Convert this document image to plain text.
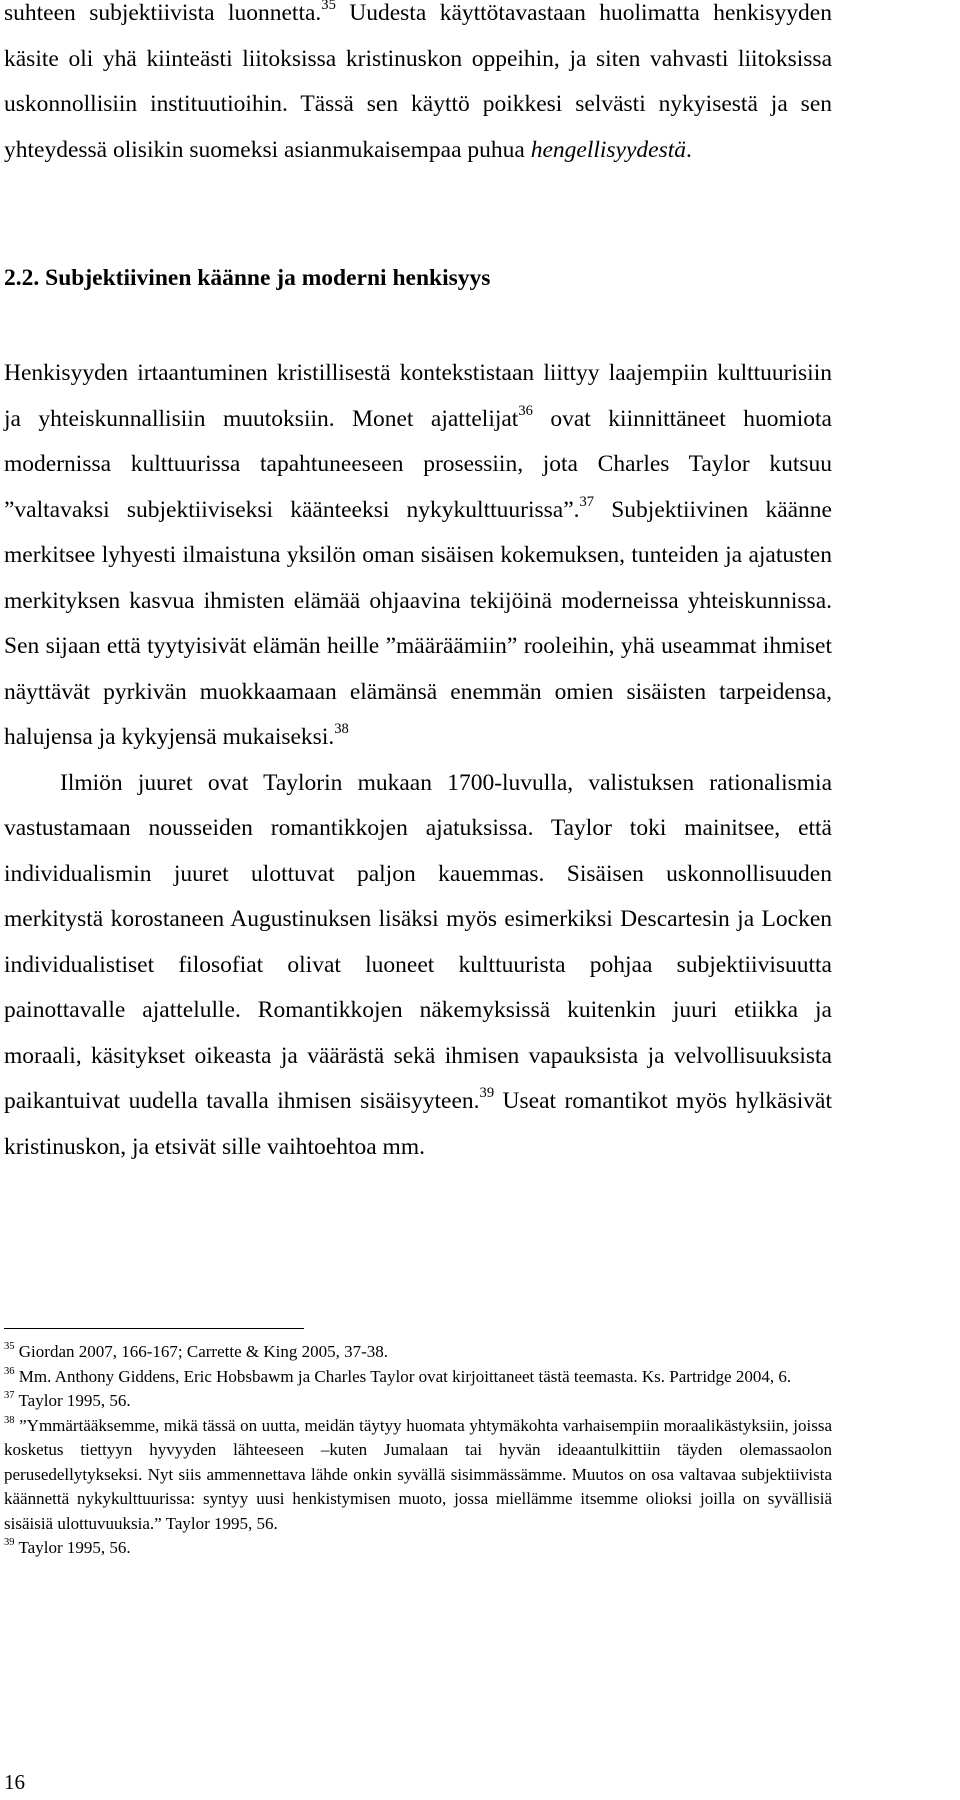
suhteen subjektiivista luonnetta.$^{35}$ Uudesta käyttötavastaan huolimatta henkisyyden käsite oli yhä kiinteästi liitoksissa kristinuskon oppeihin, ja siten vahvasti liitoksissa uskonnollisiin instituutioihin. Tässä sen käyttö poikkesi selvästi nykyisestä ja sen yhteydessä olisikin suomeksi asianmukaisempaa puhua hengellisyydestä.

2.2. Subjektiivinen käänne ja moderni henkisyys

Henkisyyden irtaantuminen kristillisestä kontekstistaan liittyy laajempiin kulttuurisiin ja yhteiskunnallisiin muutoksiin. Monet ajattelijat$^{36}$ ovat kiinnittäneet huomiota modernissa kulttuurissa tapahtuneeseen prosessiin, jota Charles Taylor kutsuu ”valtavaksi subjektiiviseksi käänteeksi nykykulttuurissa”.$^{37}$ Subjektiivinen käänne merkitsee lyhyesti ilmaistuna yksilön oman sisäisen kokemuksen, tunteiden ja ajatusten merkityksen kasvua ihmisten elämää ohjaavina tekijöinä moderneissa yhteiskunnissa. Sen sijaan että tyytyisivät elämän heille ”määräämiin” rooleihin, yhä useammat ihmiset näyttävät pyrkivän muokkaamaan elämänsä enemmän omien sisäisten tarpeidensa, halujensa ja kykyjensä mukaiseksi.$^{38}$

Ilmiön juuret ovat Taylorin mukaan 1700-luvulla, valistuksen rationalismia vastustamaan nousseiden romantikkojen ajatuksissa. Taylor toki mainitsee, että individualismin juuret ulottuvat paljon kauemmas. Sisäisen uskonnollisuuden merkitystä korostaneen Augustinuksen lisäksi myös esimerkiksi Descartesin ja Locken individualistiset filosofiat olivat luoneet kulttuurista pohjaa subjektiivisuutta painottavalle ajattelulle. Romantikkojen näkemyksissä kuitenkin juuri etiikka ja moraali, käsitykset oikeasta ja väärästä sekä ihmisen vapauksista ja velvollisuuksista paikantuivat uudella tavalla ihmisen sisäisyyteen.$^{39}$ Useat romantikot myös hylkäsivät kristinuskon, ja etsivät sille vaihtoehtoa mm.

$^{35}$ Giordan 2007, 166-167; Carrette & King 2005, 37-38.

$^{36}$ Mm. Anthony Giddens, Eric Hobsbawm ja Charles Taylor ovat kirjoittaneet tästä teemasta. Ks. Partridge 2004, 6.

$^{37}$ Taylor 1995, 56.

$^{38}$ ”Ymmärtääksemme, mikä tässä on uutta, meidän täytyy huomata yhtymäkohta varhaisempiin moraalikästyksiin, joissa kosketus tiettyyn hyvyyden lähteeseen –kuten Jumalaan tai hyvän ideaantulkittiin täyden olemassaolon perusedellytykseksi. Nyt siis ammennettava lähde onkin syvällä sisimmässämme. Muutos on osa valtavaa subjektiivista käännettä nykykulttuurissa: syntyy uusi henkistymisen muoto, jossa miellämme itsemme olioksi joilla on syvällisiä sisäisiä ulottuvuuksia.” Taylor 1995, 56.

$^{39}$ Taylor 1995, 56.

16
